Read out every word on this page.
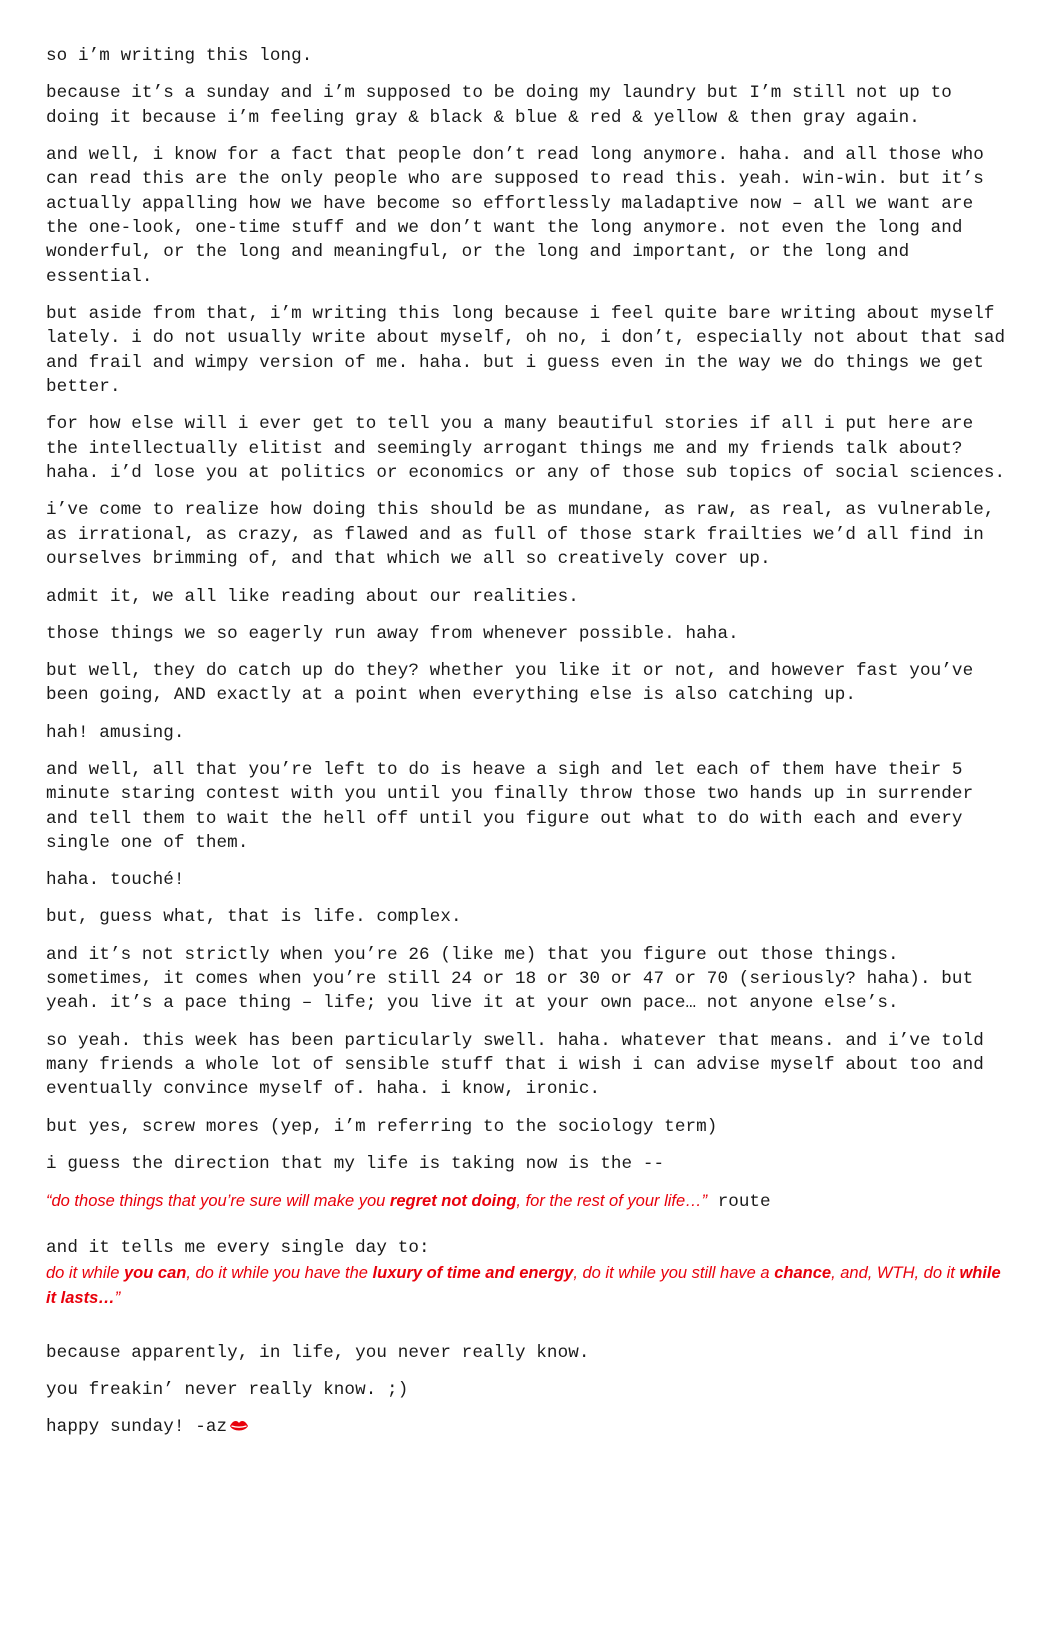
so i’m writing this long.

because it’s a sunday and i’m supposed to be doing my laundry but I’m still not up to doing it because i’m feeling gray & black & blue & red & yellow & then gray again.

and well, i know for a fact that people don’t read long anymore. haha. and all those who can read this are the only people who are supposed to read this. yeah. win-win. but it’s actually appalling how we have become so effortlessly maladaptive now – all we want are the one-look, one-time stuff and we don’t want the long anymore. not even the long and wonderful, or the long and meaningful, or the long and important, or the long and essential.

but aside from that, i’m writing this long because i feel quite bare writing about myself lately. i do not usually write about myself, oh no, i don’t, especially not about that sad and frail and wimpy version of me. haha. but i guess even in the way we do things we get better.

for how else will i ever get to tell you a many beautiful stories if all i put here are the intellectually elitist and seemingly arrogant things me and my friends talk about? haha. i’d lose you at politics or economics or any of those sub topics of social sciences.

i’ve come to realize how doing this should be as mundane, as raw, as real, as vulnerable, as irrational, as crazy, as flawed and as full of those stark frailties we’d all find in ourselves brimming of, and that which we all so creatively cover up.

admit it, we all like reading about our realities.

those things we so eagerly run away from whenever possible. haha.

but well, they do catch up do they? whether you like it or not, and however fast you’ve been going, AND exactly at a point when everything else is also catching up.

hah! amusing.

and well, all that you’re left to do is heave a sigh and let each of them have their 5 minute staring contest with you until you finally throw those two hands up in surrender and tell them to wait the hell off until you figure out what to do with each and every single one of them.

haha. touché!

but, guess what, that is life. complex.

and it’s not strictly when you’re 26 (like me) that you figure out those things. sometimes, it comes when you’re still 24 or 18 or 30 or 47 or 70 (seriously? haha). but yeah. it’s a pace thing – life; you live it at your own pace… not anyone else’s.

so yeah. this week has been particularly swell. haha. whatever that means. and i’ve told many friends a whole lot of sensible stuff that i wish i can advise myself about too and eventually convince myself of. haha. i know, ironic.

but yes, screw mores (yep, i’m referring to the sociology term)

i guess the direction that my life is taking now is the --

“do those things that you’re sure will make you regret not doing, for the rest of your life…” route

and it tells me every single day to:

do it while you can, do it while you have the luxury of time and energy, do it while you still have a chance, and, WTH, do it while it lasts…”

because apparently, in life, you never really know.

you freakin’ never really know. ;)

happy sunday! -az
